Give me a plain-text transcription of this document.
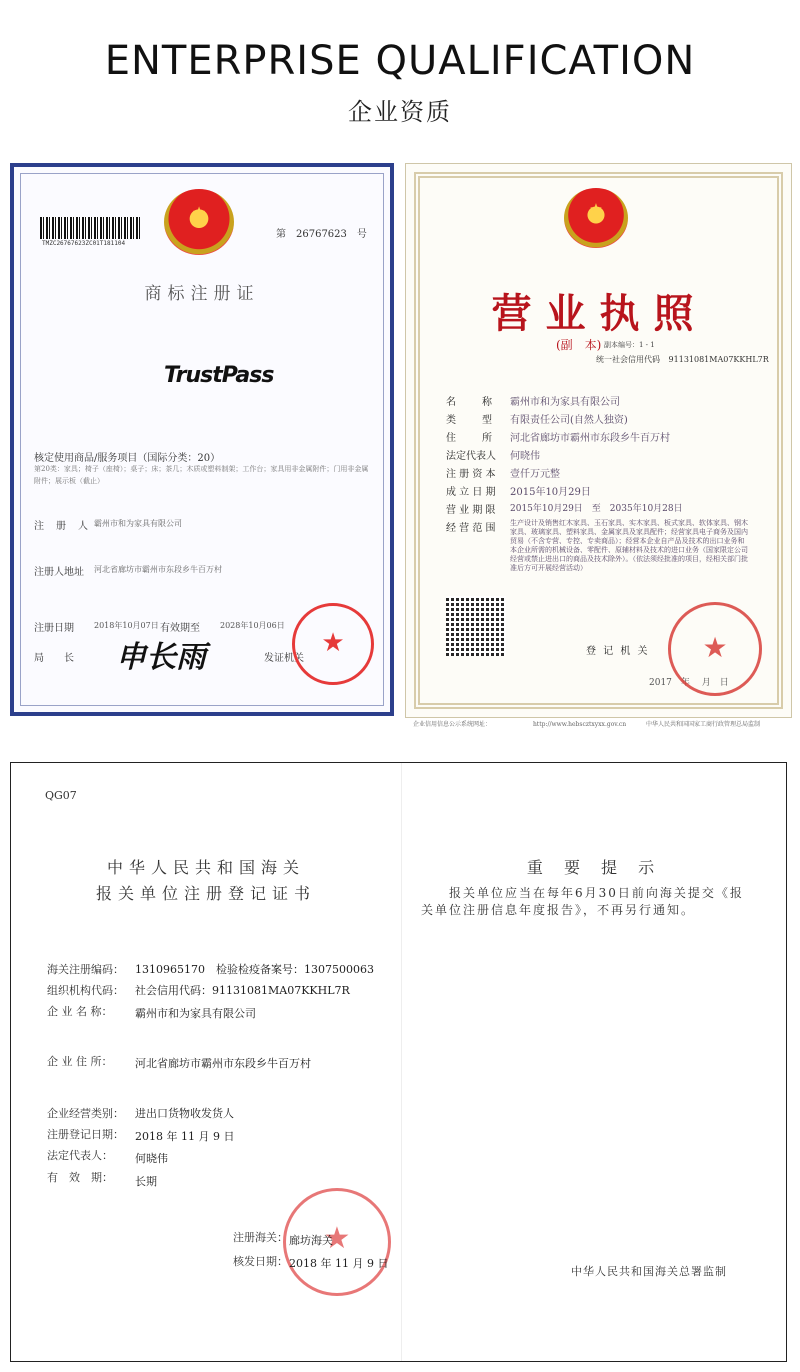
ENTERPRISE QUALIFICATION
企业资质
TMZC26767623ZC01T181104
★
第　26767623　号
商标注册证
TrustPass
核定使用商品/服务项目（国际分类：20）
第20类：家具；椅子（座椅）；桌子；床；茶几；木质或塑料制架；工作台；家具用非金属附件；门用非金属附件；展示板（截止）
注　册　人 霸州市和为家具有限公司
注册人地址 河北省廊坊市霸州市东段乡牛百万村
注册日期	2018年10月07日 有效期至	2028年10月06日
局　　长 申长雨	发证机关
★
★
营业执照
(副　本) 副本编号：1 - 1
统一社会信用代码 91131081MA07KKHL7R
名　　称 霸州市和为家具有限公司
类　　型 有限责任公司(自然人独资)
住　　所 河北省廊坊市霸州市东段乡牛百万村
法定代表人 何晓伟
注 册 资 本 壹仟万元整
成 立 日 期 2015年10月29日
营 业 期 限 2015年10月29日　至　2035年10月28日
经 营 范 围 生产设计及销售红木家具、玉石家具、实木家具、板式家具、软体家具、钢木家具、玻璃家具、塑料家具、金属家具及家具配件；经营家具电子商务及国内贸易（不含专营、专控、专卖商品）；经营本企业自产品及技术的出口业务和本企业所需的机械设备、零配件、原辅材料及技术的进口业务（国家限定公司经营或禁止进出口的商品及技术除外）。（依法须经批准的项目，经相关部门批准后方可开展经营活动）
登 记 机 关
2017　年　 月　日
★
企业信用信息公示系统网址：	http://www.hebscztxyxx.gov.cn	中华人民共和国国家工商行政管理总局监制
QG07
中华人民共和国海关
报关单位注册登记证书
海关注册编码： 1310965170　检验检疫备案号：1307500063
组织机构代码： 社会信用代码：91131081MA07KKHL7R
企 业 名 称： 霸州市和为家具有限公司
企 业 住 所： 河北省廊坊市霸州市东段乡牛百万村
企业经营类别： 进出口货物收发货人
注册登记日期： 2018 年 11 月 9 日
法定代表人： 何晓伟
有　效　期： 长期
★
注册海关： 廊坊海关
核发日期： 2018 年 11 月 9 日
重 要 提 示
　　报关单位应当在每年6月30日前向海关提交《报关单位注册信息年度报告》，不再另行通知。
中华人民共和国海关总署监制
